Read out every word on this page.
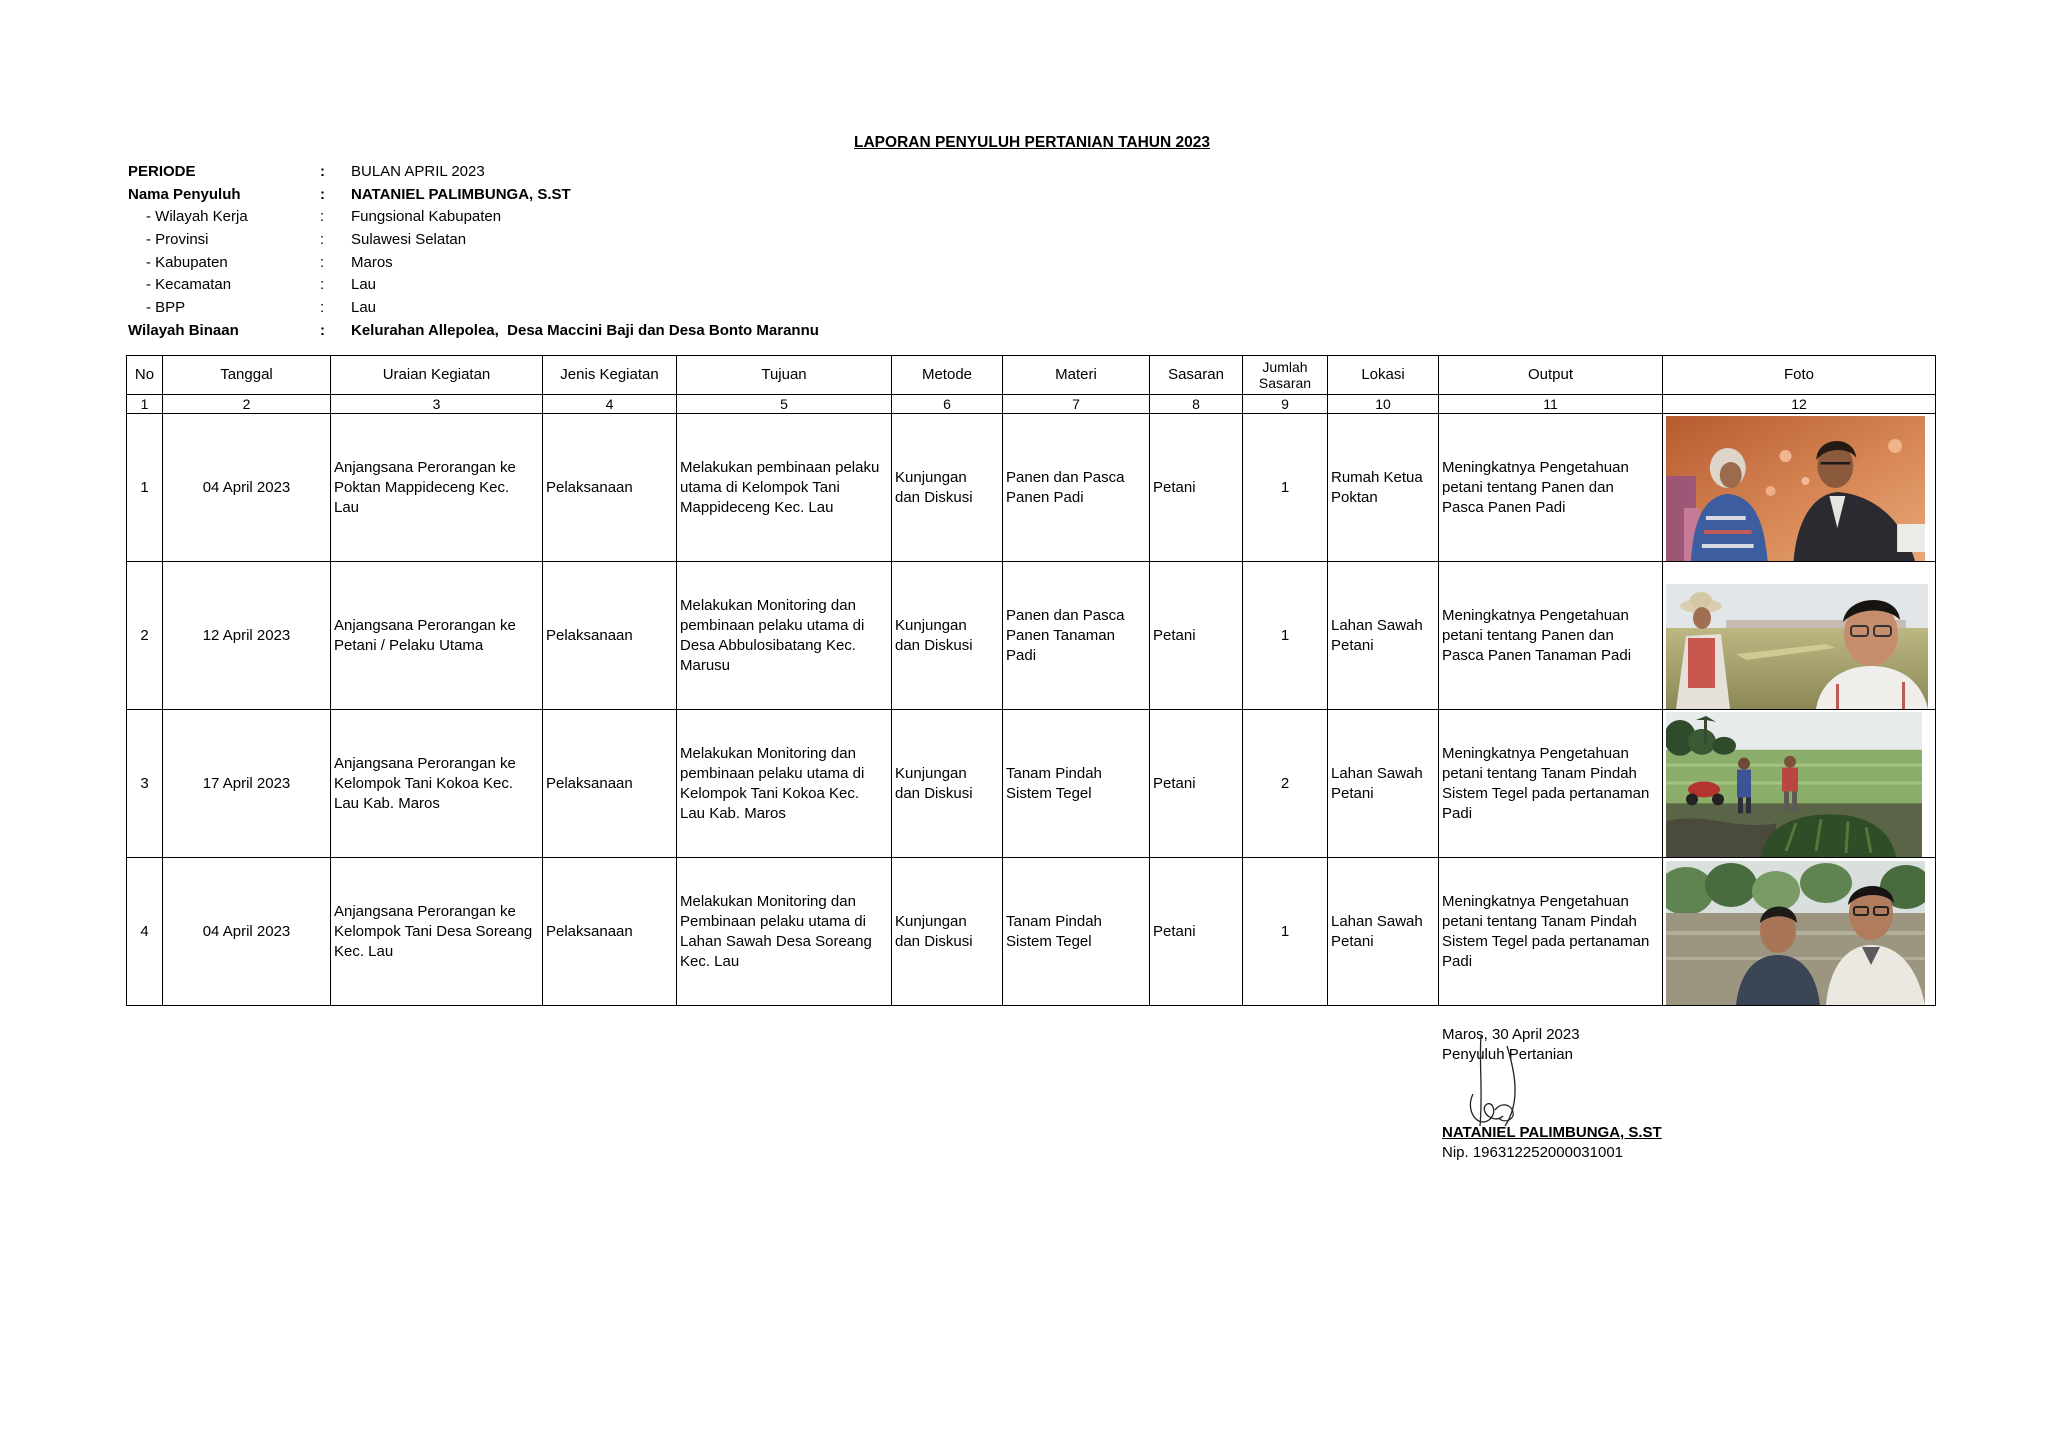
LAPORAN PENYULUH PERTANIAN TAHUN 2023
PERIODE	: BULAN APRIL 2023
Nama Penyuluh	: NATANIEL PALIMBUNGA, S.ST
- Wilayah Kerja	: Fungsional Kabupaten
- Provinsi	: Sulawesi Selatan
- Kabupaten	: Maros
- Kecamatan	: Lau
- BPP	: Lau
Wilayah Binaan	: Kelurahan Allepolea,  Desa Maccini Baji dan Desa Bonto Marannu
No	Tanggal	Uraian Kegiatan	Jenis Kegiatan	Tujuan	Metode	Materi	Sasaran	Jumlah
Sasaran	Lokasi	Output	Foto
1	2	3	4	5	6	7	8	9	10	11	12
1	04 April 2023	Anjangsana Perorangan ke
Poktan Mappideceng Kec.
Lau	Pelaksanaan	Melakukan pembinaan pelaku
utama di Kelompok Tani
Mappideceng Kec. Lau	Kunjungan
dan Diskusi	Panen dan Pasca
Panen Padi	Petani	1	Rumah Ketua
Poktan	Meningkatnya Pengetahuan
petani tentang Panen dan
Pasca Panen Padi	
2	12 April 2023	Anjangsana Perorangan ke
Petani / Pelaku Utama	Pelaksanaan	Melakukan Monitoring dan
pembinaan pelaku utama di
Desa Abbulosibatang Kec.
Marusu	Kunjungan
dan Diskusi	Panen dan Pasca
Panen Tanaman
Padi	Petani	1	Lahan Sawah
Petani	Meningkatnya Pengetahuan
petani tentang Panen dan
Pasca Panen Tanaman Padi	
3	17 April 2023	Anjangsana Perorangan ke
Kelompok Tani Kokoa Kec.
Lau Kab. Maros	Pelaksanaan	Melakukan Monitoring dan
pembinaan pelaku utama di
Kelompok Tani Kokoa Kec.
Lau Kab. Maros	Kunjungan
dan Diskusi	Tanam Pindah
Sistem Tegel	Petani	2	Lahan Sawah
Petani	Meningkatnya Pengetahuan
petani tentang Tanam Pindah
Sistem Tegel pada pertanaman
Padi	
4	04 April 2023	Anjangsana Perorangan ke
Kelompok Tani Desa Soreang
Kec. Lau	Pelaksanaan	Melakukan Monitoring dan
Pembinaan pelaku utama di
Lahan Sawah Desa Soreang
Kec. Lau	Kunjungan
dan Diskusi	Tanam Pindah
Sistem Tegel	Petani	1	Lahan Sawah
Petani	Meningkatnya Pengetahuan
petani tentang Tanam Pindah
Sistem Tegel pada pertanaman
Padi	
Maros, 30 April 2023
Penyuluh Pertanian
NATANIEL PALIMBUNGA, S.ST
Nip. 196312252000031001
